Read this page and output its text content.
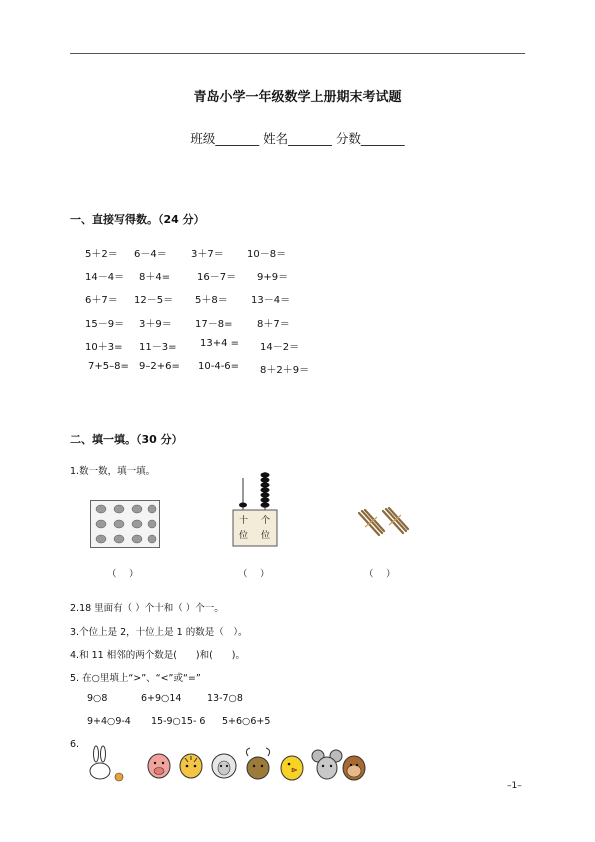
青岛小学一年级数学上册期末考试题
班级_______ 姓名_______ 分数_______
一、直接写得数。（24 分）
5＋2＝ 6－4＝ 3＋7＝ 10－8＝
14－4＝ 8＋4=	16－7＝ 9+9＝
6＋7＝ 12－5＝ 5＋8＝ 13－4＝
15－9＝ 3＋9＝ 17－8= 8＋7＝
10＋3= 11－3= 13+4 = 14－2＝
7+5–8= 9–2+6= 10-4-6= 8＋2＋9＝
二、填一填。（30 分）
1.数一数，填一填。
十 个
位 位
（　 ）	（　 ）	（　 ）
2.18 里面有（ ）个十和（ ）个一。
3.个位上是 2，十位上是 1 的数是（　）。
4.和 11 相邻的两个数是(　　)和(　　)。
5. 在○里填上“>”、“<”或“=”
9○8	6+9○14	13-7○8
9+4○9-4 15-9○15- 6 5+6○6+5
6.
–1–
